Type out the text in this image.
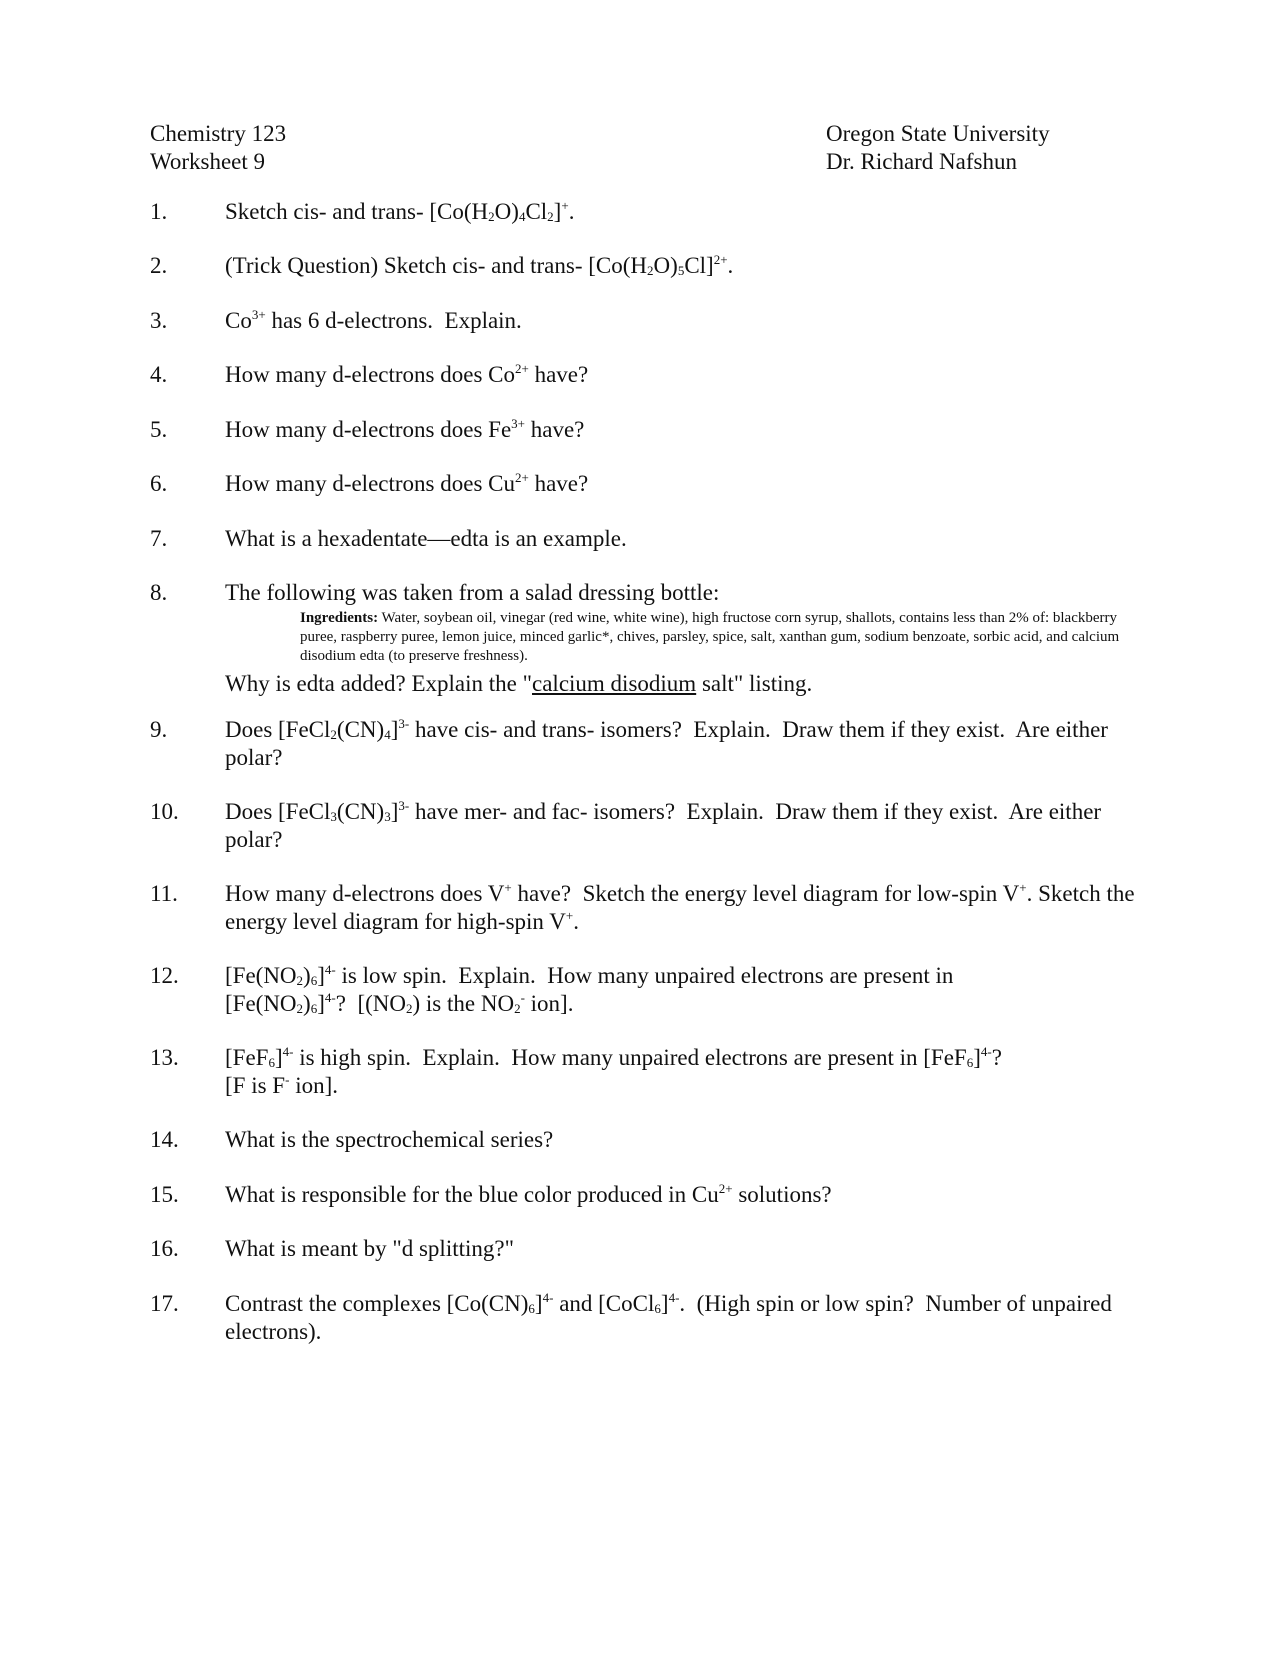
Chemistry 123
Worksheet 9
Oregon State University
Dr. Richard Nafshun
1.	Sketch cis- and trans- $[Co(H_2O)_4Cl_2]^+$.
2.	(Trick Question) Sketch cis- and trans- $[Co(H_2O)_5Cl]^{2+}$.
3.	$Co^{3+}$ has 6 d-electrons.  Explain.
4.	How many d-electrons does $Co^{2+}$ have?
5.	How many d-electrons does $Fe^{3+}$ have?
6.	How many d-electrons does $Cu^{2+}$ have?
7.	What is a hexadentate—edta is an example.
8.	The following was taken from a salad dressing bottle:
Ingredients: Water, soybean oil, vinegar (red wine, white wine), high fructose corn syrup, shallots, contains less than 2% of: blackberry puree, raspberry puree, lemon juice, minced garlic*, chives, parsley, spice, salt, xanthan gum, sodium benzoate, sorbic acid, and calcium disodium edta (to preserve freshness).
Why is edta added? Explain the "calcium disodium salt" listing.
9.	Does $[FeCl_2(CN)_4]^{3-}$ have cis- and trans- isomers?  Explain.  Draw them if they exist.  Are either polar?
10. Does $[FeCl_3(CN)_3]^{3-}$ have mer- and fac- isomers?  Explain.  Draw them if they exist.  Are either polar?
11. How many d-electrons does V+ have?  Sketch the energy level diagram for low-spin V+. Sketch the energy level diagram for high-spin V+.
12. $[Fe(NO_2)_6]^{4-}$ is low spin.  Explain.  How many unpaired electrons are present in
$[Fe(NO_2)_6]^{4-}$?  [$(NO_2)$ is the $NO_2^-$ ion].
13. $[FeF_6]^{4-}$ is high spin.  Explain.  How many unpaired electrons are present in $[FeF_6]^{4-}$?
[F is F- ion].
14. What is the spectrochemical series?
15. What is responsible for the blue color produced in $Cu^{2+}$ solutions?
16. What is meant by "d splitting?"
17. Contrast the complexes $[Co(CN)_6]^{4-}$ and [CoCl$_6$]$^{4-}$.  (High spin or low spin?  Number of unpaired electrons).
